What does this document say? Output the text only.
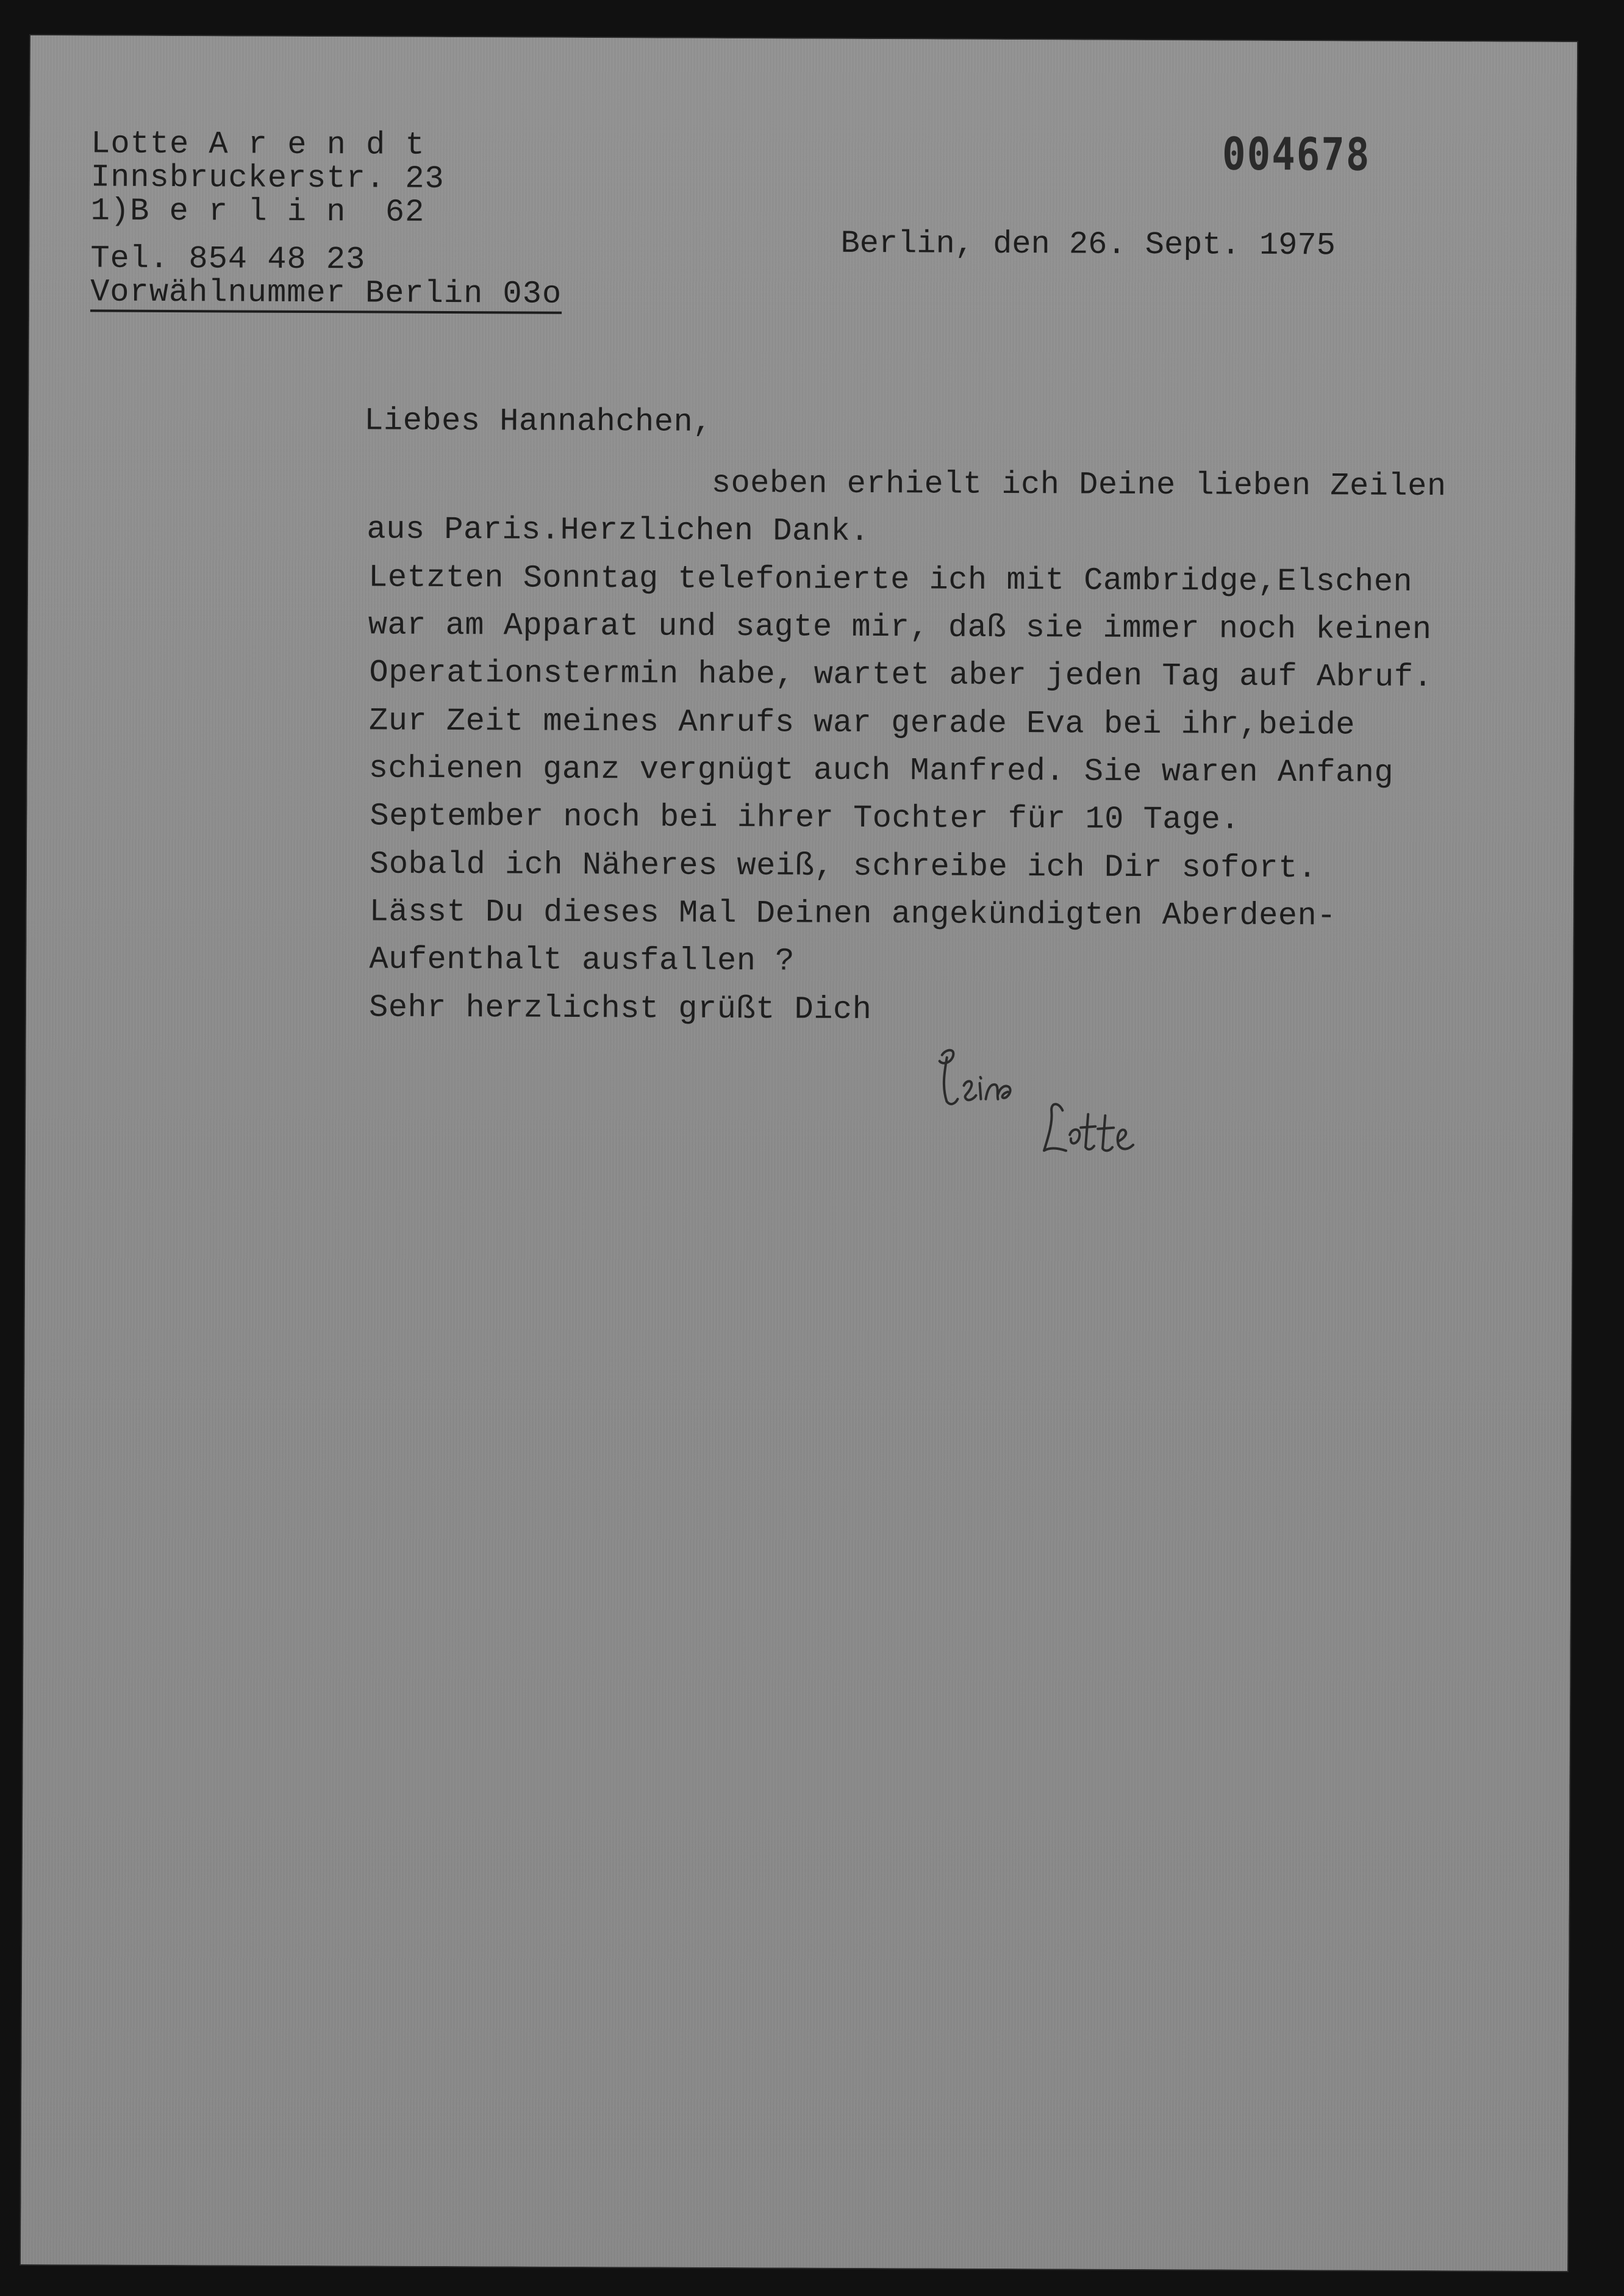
004678
Lotte A r e n d t
Innsbruckerstr. 23
1)B e r l i n  62
Tel. 854 48 23
Vorwählnummer Berlin 03o
Berlin, den 26. Sept. 1975
Liebes Hannahchen,
soeben erhielt ich Deine lieben Zeilen
aus Paris.Herzlichen Dank.
Letzten Sonntag telefonierte ich mit Cambridge,Elschen
war am Apparat und sagte mir, daß sie immer noch keinen
Operationstermin habe, wartet aber jeden Tag auf Abruf.
Zur Zeit meines Anrufs war gerade Eva bei ihr,beide
schienen ganz vergnügt auch Manfred. Sie waren Anfang
September noch bei ihrer Tochter für 10 Tage.
Sobald ich Näheres weiß, schreibe ich Dir sofort.
Lässt Du dieses Mal Deinen angekündigten Aberdeen-
Aufenthalt ausfallen ?
Sehr herzlichst grüßt Dich
